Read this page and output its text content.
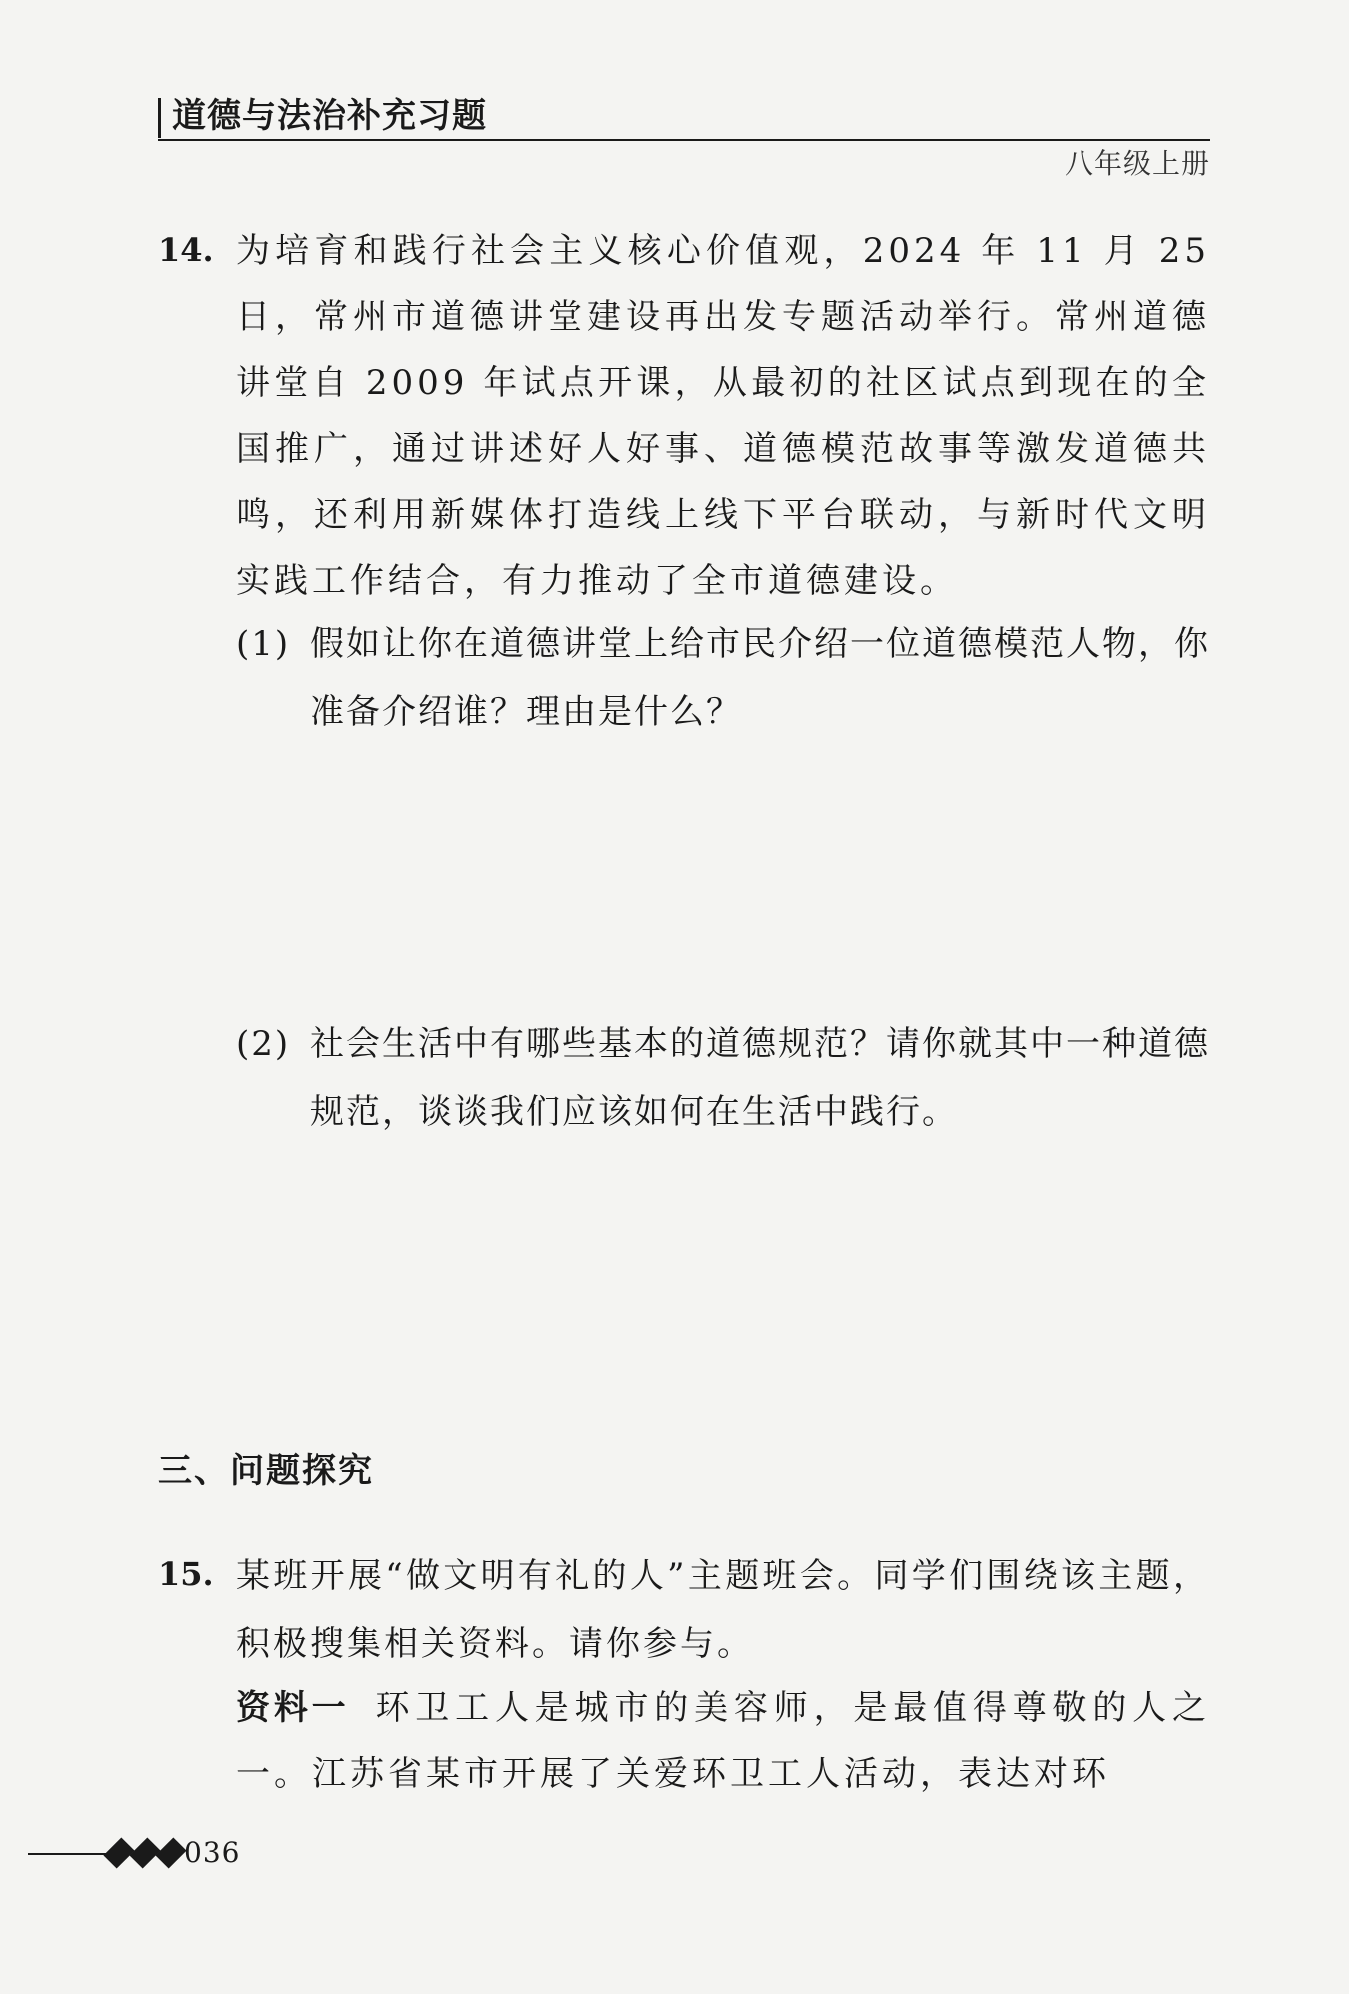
道德与法治补充习题
八年级上册
14. 为培育和践行社会主义核心价值观，2024 年 11 月 25 日，常州市道德讲堂建设再出发专题活动举行。常州道德讲堂自 2009 年试点开课，从最初的社区试点到现在的全国推广，通过讲述好人好事、道德模范故事等激发道德共鸣，还利用新媒体打造线上线下平台联动，与新时代文明实践工作结合，有力推动了全市道德建设。
(1) 假如让你在道德讲堂上给市民介绍一位道德模范人物，你准备介绍谁？理由是什么？
(2) 社会生活中有哪些基本的道德规范？请你就其中一种道德规范，谈谈我们应该如何在生活中践行。
三、问题探究
15. 某班开展“做文明有礼的人”主题班会。同学们围绕该主题，积极搜集相关资料。请你参与。
资料一 环卫工人是城市的美容师，是最值得尊敬的人之一。江苏省某市开展了关爱环卫工人活动，表达对环
036
